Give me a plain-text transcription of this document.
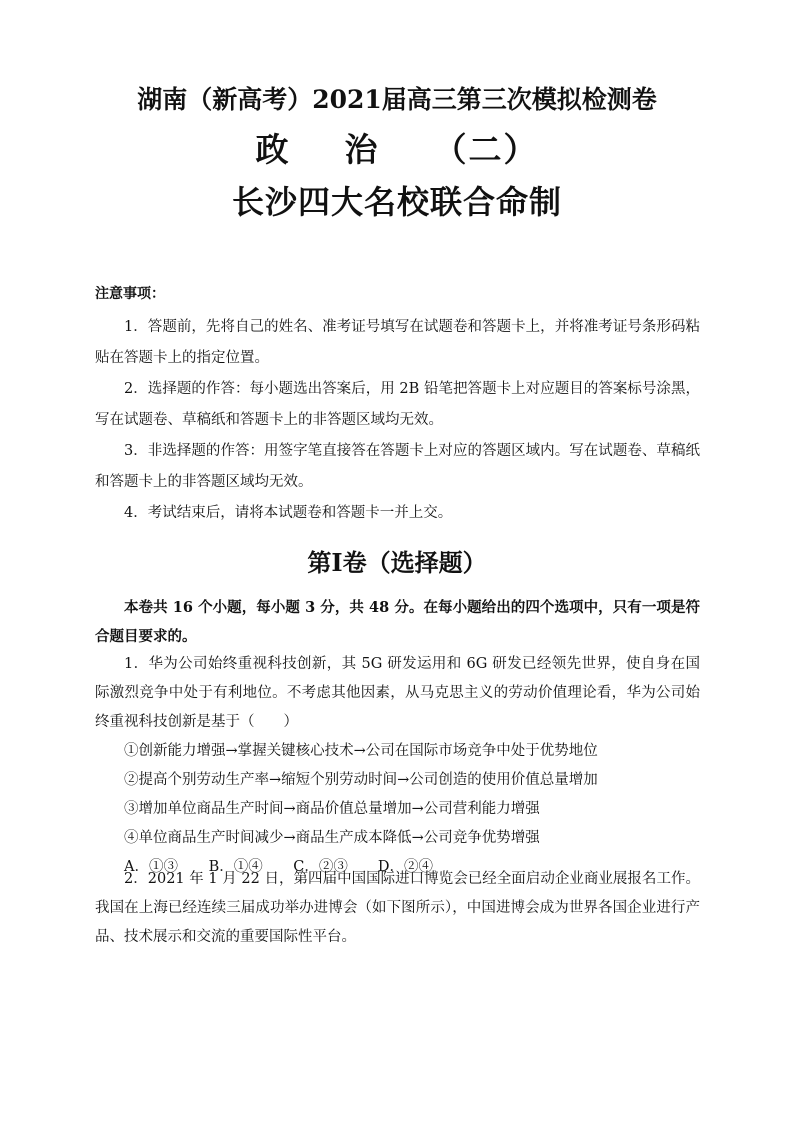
湖南（新高考）2021届高三第三次模拟检测卷
政    治    （二）
长沙四大名校联合命制
注意事项：

1．答题前，先将自己的姓名、准考证号填写在试题卷和答题卡上，并将准考证号条形码粘贴在答题卡上的指定位置。

2．选择题的作答：每小题选出答案后，用 2B 铅笔把答题卡上对应题目的答案标号涂黑，写在试题卷、草稿纸和答题卡上的非答题区域均无效。

3．非选择题的作答：用签字笔直接答在答题卡上对应的答题区域内。写在试题卷、草稿纸和答题卡上的非答题区域均无效。

4．考试结束后，请将本试题卷和答题卡一并上交。

第Ⅰ卷（选择题）

本卷共 16 个小题，每小题 3 分，共 48 分。在每小题给出的四个选项中，只有一项是符合题目要求的。

1．华为公司始终重视科技创新，其 5G 研发运用和 6G 研发已经领先世界，使自身在国际激烈竞争中处于有利地位。不考虑其他因素，从马克思主义的劳动价值理论看，华为公司始终重视科技创新是基于（　　）

①创新能力增强→掌握关键核心技术→公司在国际市场竞争中处于优势地位
②提高个别劳动生产率→缩短个别劳动时间→公司创造的使用价值总量增加
③增加单位商品生产时间→商品价值总量增加→公司营利能力增强
④单位商品生产时间减少→商品生产成本降低→公司竞争优势增强
A．①③ B．①④ C．②③ D．②④

2．2021 年 1 月 22 日，第四届中国国际进口博览会已经全面启动企业商业展报名工作。我国在上海已经连续三届成功举办进博会（如下图所示），中国进博会成为世界各国企业进行产品、技术展示和交流的重要国际性平台。
